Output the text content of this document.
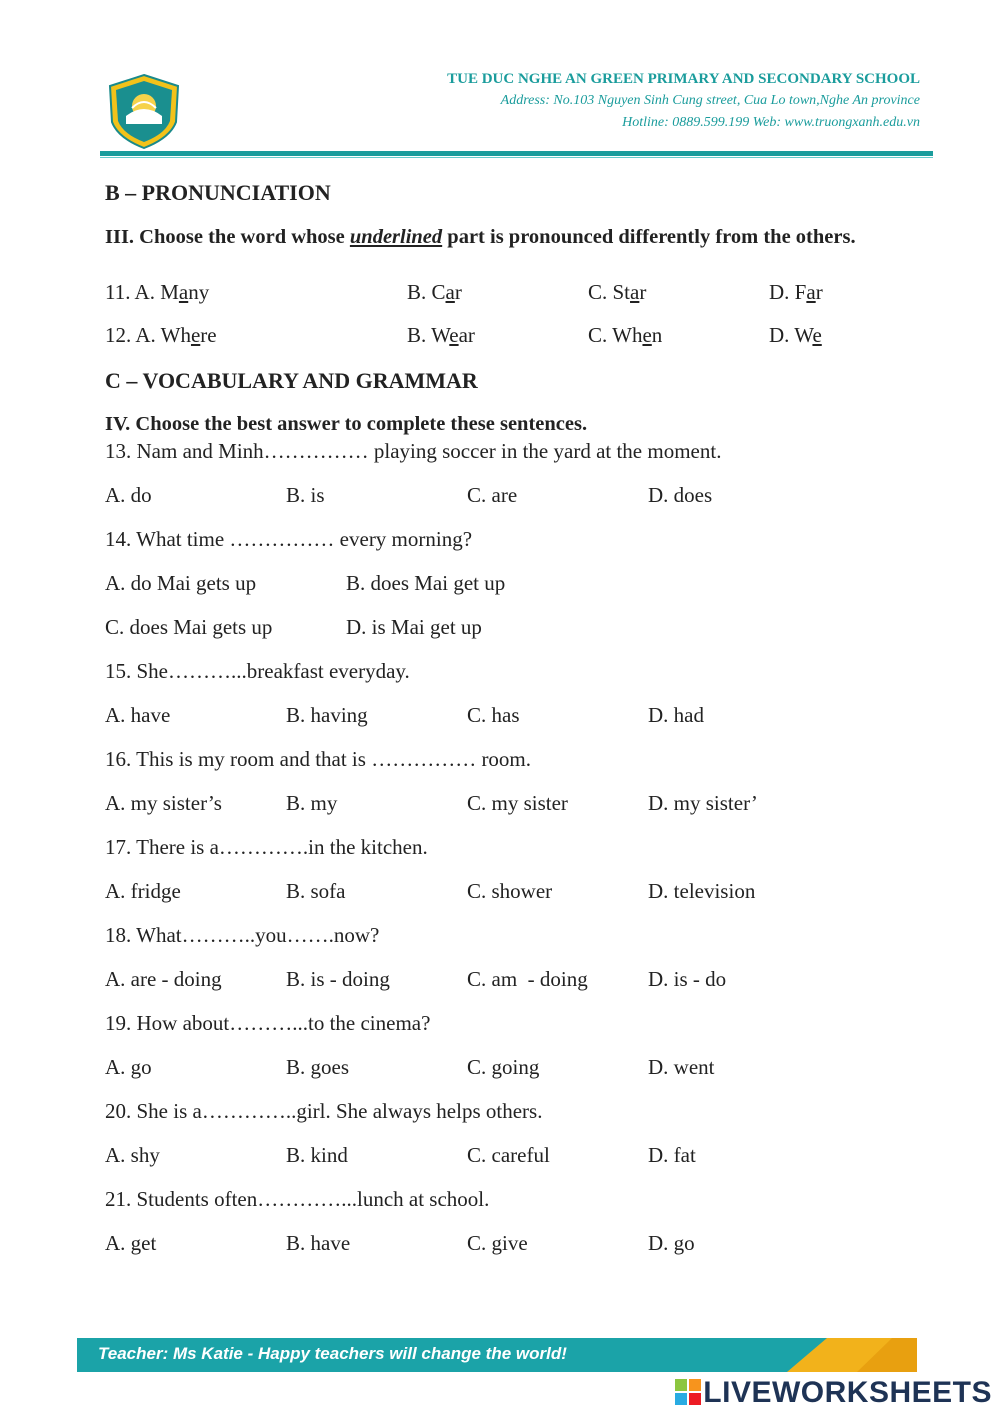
TUE DUC NGHE AN GREEN PRIMARY AND SECONDARY SCHOOL
Address: No.103 Nguyen Sinh Cung street, Cua Lo town,Nghe An province
Hotline: 0889.599.199 Web: www.truongxanh.edu.vn
B – PRONUNCIATION
III. Choose the word whose underlined part is pronounced differently from the others.
11. A. Many	B. Car	C. Star	D. Far
12. A. Where	B. Wear	C. When	D. We
C – VOCABULARY AND GRAMMAR
IV. Choose the best answer to complete these sentences.
13. Nam and Minh…………… playing soccer in the yard at the moment.
A. do	B. is	C. are	D. does
14. What time …………… every morning?
A. do Mai gets up	B. does Mai get up
C. does Mai gets up	D. is Mai get up
15. She………...breakfast everyday.
A. have	B. having	C. has	D. had
16. This is my room and that is …………… room.
A. my sister’s	B. my	C. my sister	D. my sister’
17. There is a………….in the kitchen.
A. fridge	B. sofa	C. shower	D. television
18. What………..you…….now?
A. are - doing	B. is - doing	C. am  - doing	D. is - do
19. How about………...to the cinema?
A. go	B. goes	C. going	D. went
20. She is a…………..girl. She always helps others.
A. shy	B. kind	C. careful	D. fat
21. Students often…………...lunch at school.
A. get	B. have	C. give	D. go
Teacher: Ms Katie - Happy teachers will change the world!
LIVEWORKSHEETS
